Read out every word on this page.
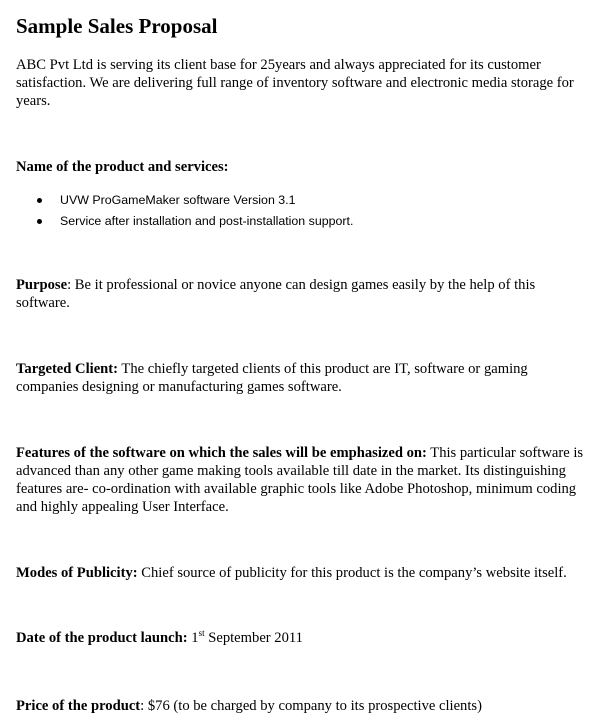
Sample Sales Proposal

ABC Pvt Ltd is serving its client base for 25years and always appreciated for its customer satisfaction. We are delivering full range of inventory software and electronic media storage for years.

Name of the product and services:

UVW ProGameMaker software Version 3.1
Service after installation and post-installation support.

Purpose: Be it professional or novice anyone can design games easily by the help of this software.

Targeted Client: The chiefly targeted clients of this product are IT, software or gaming companies designing or manufacturing games software.

Features of the software on which the sales will be emphasized on: This particular software is advanced than any other game making tools available till date in the market. Its distinguishing features are- co-ordination with available graphic tools like Adobe Photoshop, minimum coding and highly appealing User Interface.

Modes of Publicity: Chief source of publicity for this product is the company’s website itself.

Date of the product launch: 1st September 2011

Price of the product: $76 (to be charged by company to its prospective clients)
